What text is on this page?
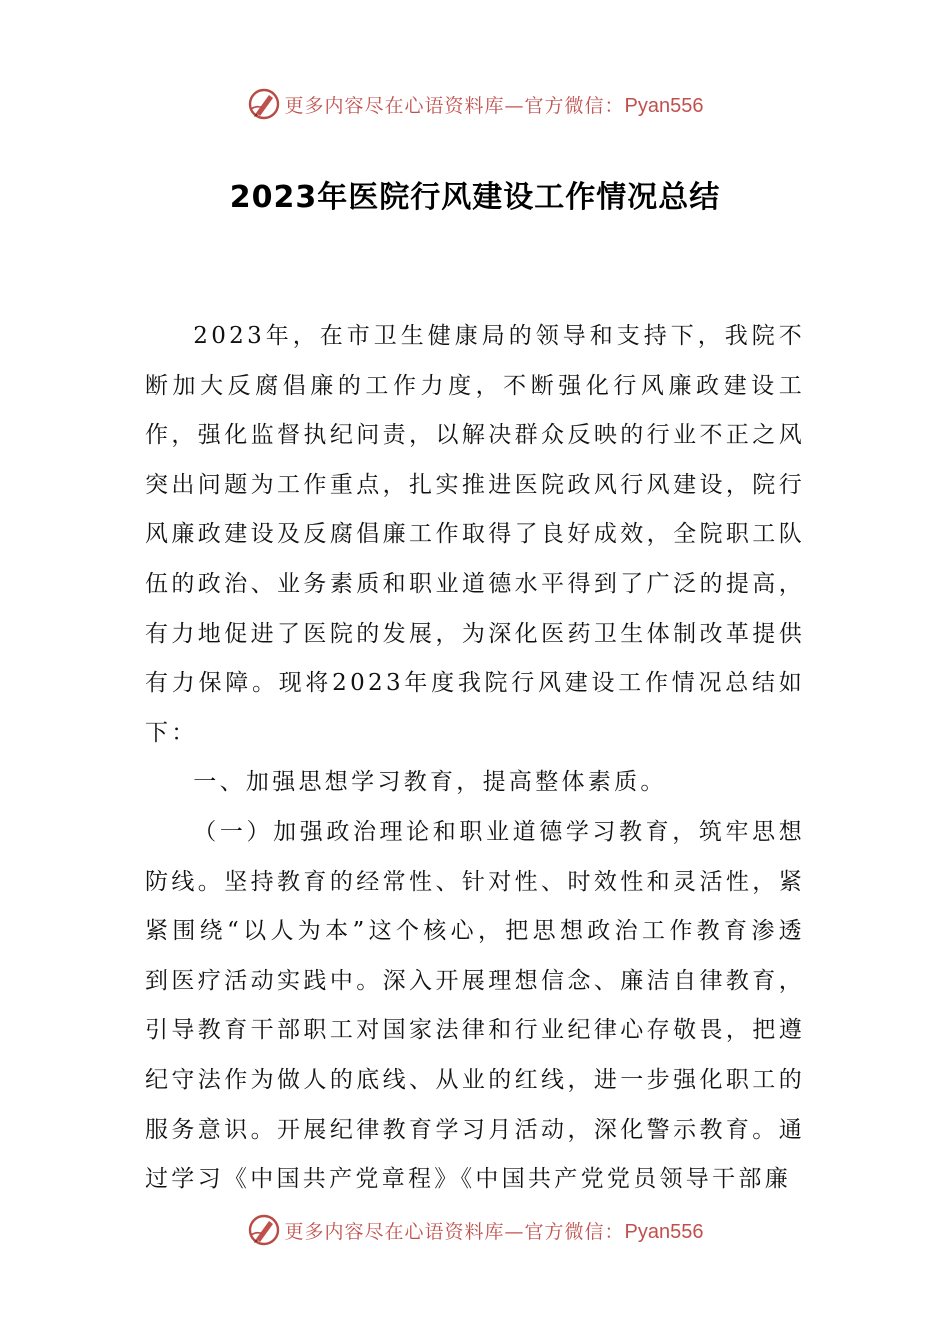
更多内容尽在心语资料库—官方微信：Pyan556
2023年医院行风建设工作情况总结

2023年，在市卫生健康局的领导和支持下，我院不断加大反腐倡廉的工作力度，不断强化行风廉政建设工作，强化监督执纪问责，以解决群众反映的行业不正之风突出问题为工作重点，扎实推进医院政风行风建设，院行风廉政建设及反腐倡廉工作取得了良好成效，全院职工队伍的政治、业务素质和职业道德水平得到了广泛的提高，有力地促进了医院的发展，为深化医药卫生体制改革提供有力保障。现将2023年度我院行风建设工作情况总结如下：

一、加强思想学习教育，提高整体素质。

（一）加强政治理论和职业道德学习教育，筑牢思想防线。坚持教育的经常性、针对性、时效性和灵活性，紧紧围绕“以人为本”这个核心，把思想政治工作教育渗透到医疗活动实践中。深入开展理想信念、廉洁自律教育，引导教育干部职工对国家法律和行业纪律心存敬畏，把遵纪守法作为做人的底线、从业的红线，进一步强化职工的服务意识。开展纪律教育学习月活动，深化警示教育。通过学习《中国共产党章程》《中国共产党党员领导干部廉

更多内容尽在心语资料库—官方微信：Pyan556
